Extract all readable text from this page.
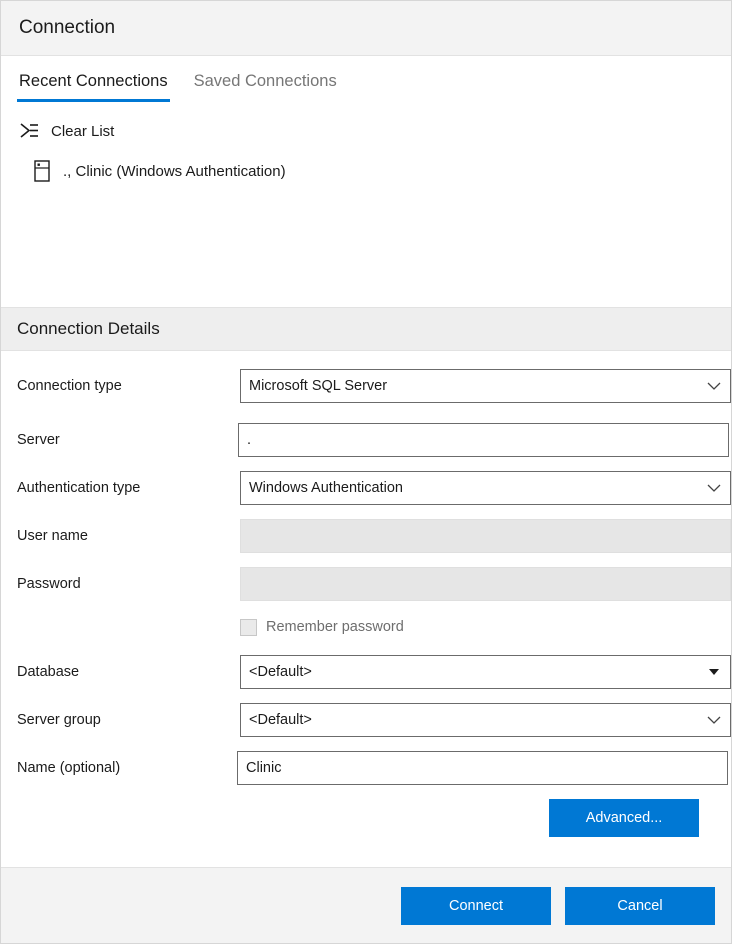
Connection
Recent Connections Saved Connections
Clear List
., Clinic (Windows Authentication)
Connection Details
Connection type	Microsoft SQL Server
Server	.
Authentication type	Windows Authentication
User name
Password
Remember password
Database	<Default>
Server group	<Default>
Name (optional)	Clinic
Advanced...
Connect	Cancel
